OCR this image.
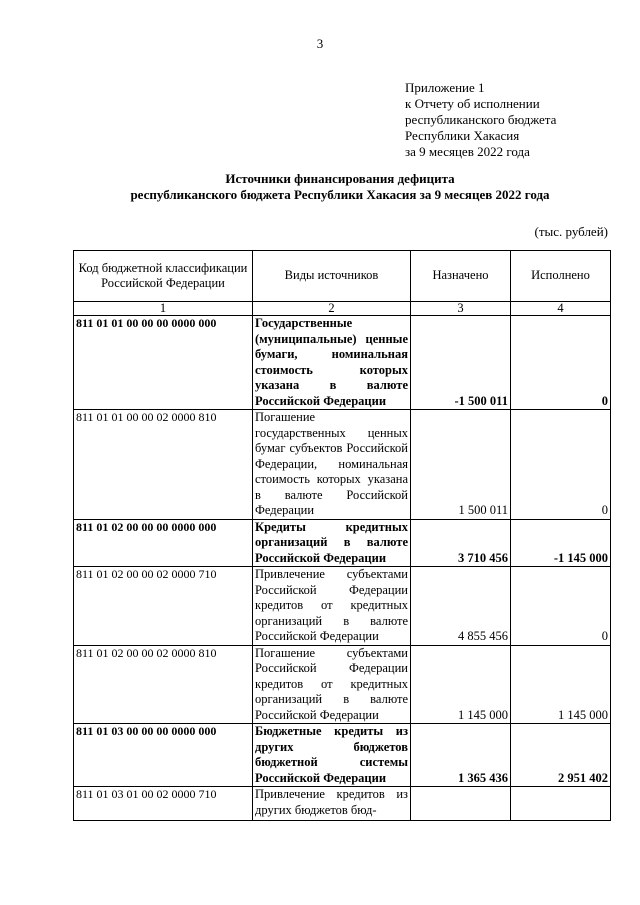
3
Приложение 1
к Отчету об исполнении
республиканского бюджета
Республики Хакасия
за 9 месяцев 2022 года
Источники финансирования дефицита
республиканского бюджета Республики Хакасия за 9 месяцев 2022 года
(тыс. рублей)
Код бюджетной классификации Российской Федерации	Виды источников	Назначено	Исполнено
1	2	3	4
811 01 01 00 00 00 0000 000	Государственные (муниципальные) ценные бумаги, номинальная стоимость которых указана в валюте Российской Федерации	-1 500 011	0
811 01 01 00 00 02 0000 810	Погашение государственных ценных бумаг субъектов Российской Федерации, номинальная стоимость которых указана в валюте Российской Федерации	1 500 011	0
811 01 02 00 00 00 0000 000	Кредиты кредитных организаций в валюте Российской Федерации	3 710 456	-1 145 000
811 01 02 00 00 02 0000 710	Привлечение субъектами Российской Федерации кредитов от кредитных организаций в валюте Российской Федерации	4 855 456	0
811 01 02 00 00 02 0000 810	Погашение субъектами Российской Федерации кредитов от кредитных организаций в валюте Российской Федерации	1 145 000	1 145 000
811 01 03 00 00 00 0000 000	Бюджетные кредиты из других бюджетов бюджетной системы Российской Федерации	1 365 436	2 951 402
811 01 03 01 00 02 0000 710	Привлечение кредитов из других бюджетов бюд-		
